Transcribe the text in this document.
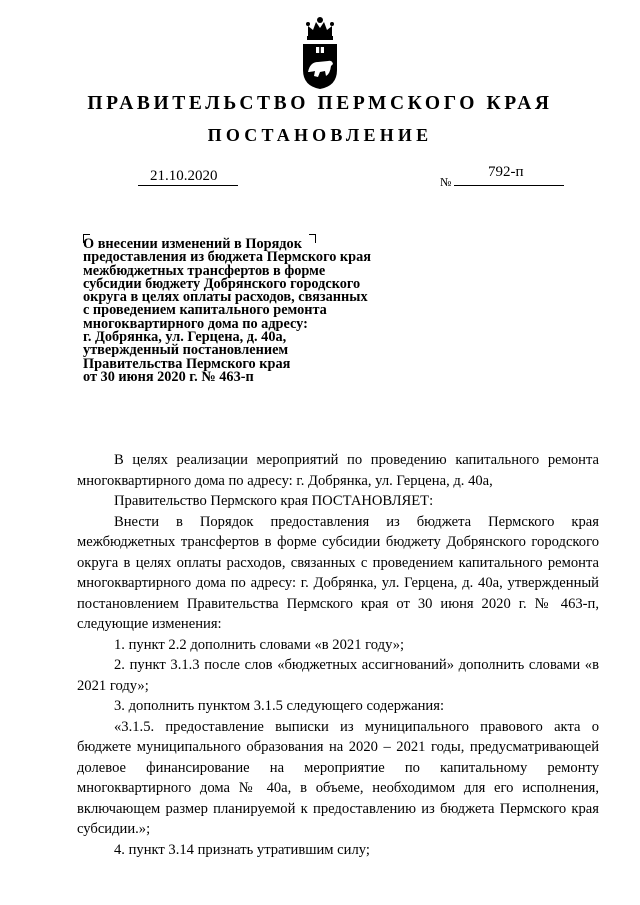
ПРАВИТЕЛЬСТВО ПЕРМСКОГО КРАЯ
ПОСТАНОВЛЕНИЕ
21.10.2020	№
792-п
О внесении изменений в Порядок
предоставления из бюджета Пермского края
межбюджетных трансфертов в форме
субсидии бюджету Добрянского городского
округа в целях оплаты расходов, связанных
с проведением капитального ремонта
многоквартирного дома по адресу:
г. Добрянка, ул. Герцена, д. 40а,
утвержденный постановлением
Правительства Пермского края
от 30 июня 2020 г. № 463-п

В целях реализации мероприятий по проведению капитального ремонта многоквартирного дома по адресу: г. Добрянка, ул. Герцена, д. 40а,

Правительство Пермского края ПОСТАНОВЛЯЕТ:

Внести в Порядок предоставления из бюджета Пермского края межбюджетных трансфертов в форме субсидии бюджету Добрянского городского округа в целях оплаты расходов, связанных с проведением капитального ремонта многоквартирного дома по адресу: г. Добрянка, ул. Герцена, д. 40а, утвержденный постановлением Правительства Пермского края от 30 июня 2020 г. № 463-п, следующие изменения:

1. пункт 2.2 дополнить словами «в 2021 году»;

2. пункт 3.1.3 после слов «бюджетных ассигнований» дополнить словами «в 2021 году»;

3. дополнить пунктом 3.1.5 следующего содержания:

«3.1.5. предоставление выписки из муниципального правового акта о бюджете муниципального образования на 2020 – 2021 годы, предусматривающей долевое финансирование на мероприятие по капитальному ремонту многоквартирного дома № 40а, в объеме, необходимом для его исполнения, включающем размер планируемой к предоставлению из бюджета Пермского края субсидии.»;

4. пункт 3.14 признать утратившим силу;
